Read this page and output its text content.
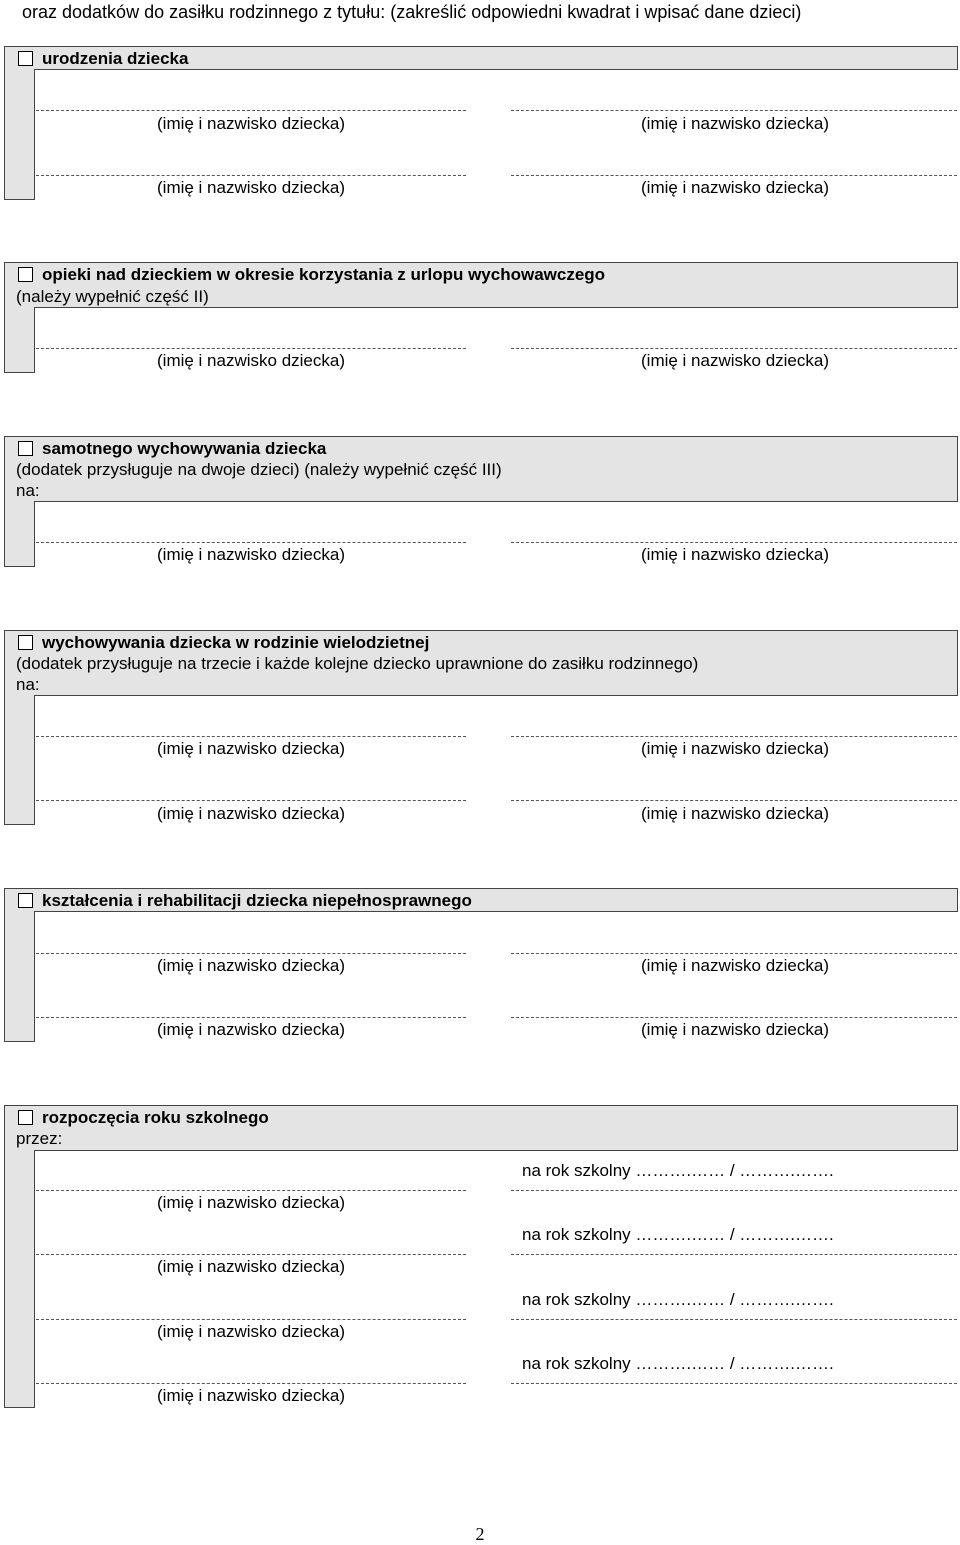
oraz dodatków do zasiłku rodzinnego z tytułu: (zakreślić odpowiedni kwadrat i wpisać dane dzieci)
urodzenia dziecka
opieki nad dzieckiem w okresie korzystania z urlopu wychowawczego
(należy wypełnić część II)
samotnego wychowywania dziecka
(dodatek przysługuje na dwoje dzieci) (należy wypełnić część III)
na:
wychowywania dziecka w rodzinie wielodzietnej
(dodatek przysługuje na trzecie i każde kolejne dziecko uprawnione do zasiłku rodzinnego)
na:
kształcenia i rehabilitacji dziecka niepełnosprawnego
rozpoczęcia roku szkolnego
przez:
(imię i nazwisko dziecka)
(imię i nazwisko dziecka)
(imię i nazwisko dziecka)
(imię i nazwisko dziecka)
(imię i nazwisko dziecka)
(imię i nazwisko dziecka)
(imię i nazwisko dziecka)
(imię i nazwisko dziecka)
(imię i nazwisko dziecka)
(imię i nazwisko dziecka)
(imię i nazwisko dziecka)
(imię i nazwisko dziecka)
(imię i nazwisko dziecka)
(imię i nazwisko dziecka)
(imię i nazwisko dziecka)
(imię i nazwisko dziecka)
(imię i nazwisko dziecka)
(imię i nazwisko dziecka)
(imię i nazwisko dziecka)
(imię i nazwisko dziecka)
na rok szkolny ……….…… / ……….…….
na rok szkolny ……….…… / ……….…….
na rok szkolny ……….…… / ……….…….
na rok szkolny ……….…… / ……….…….
2
